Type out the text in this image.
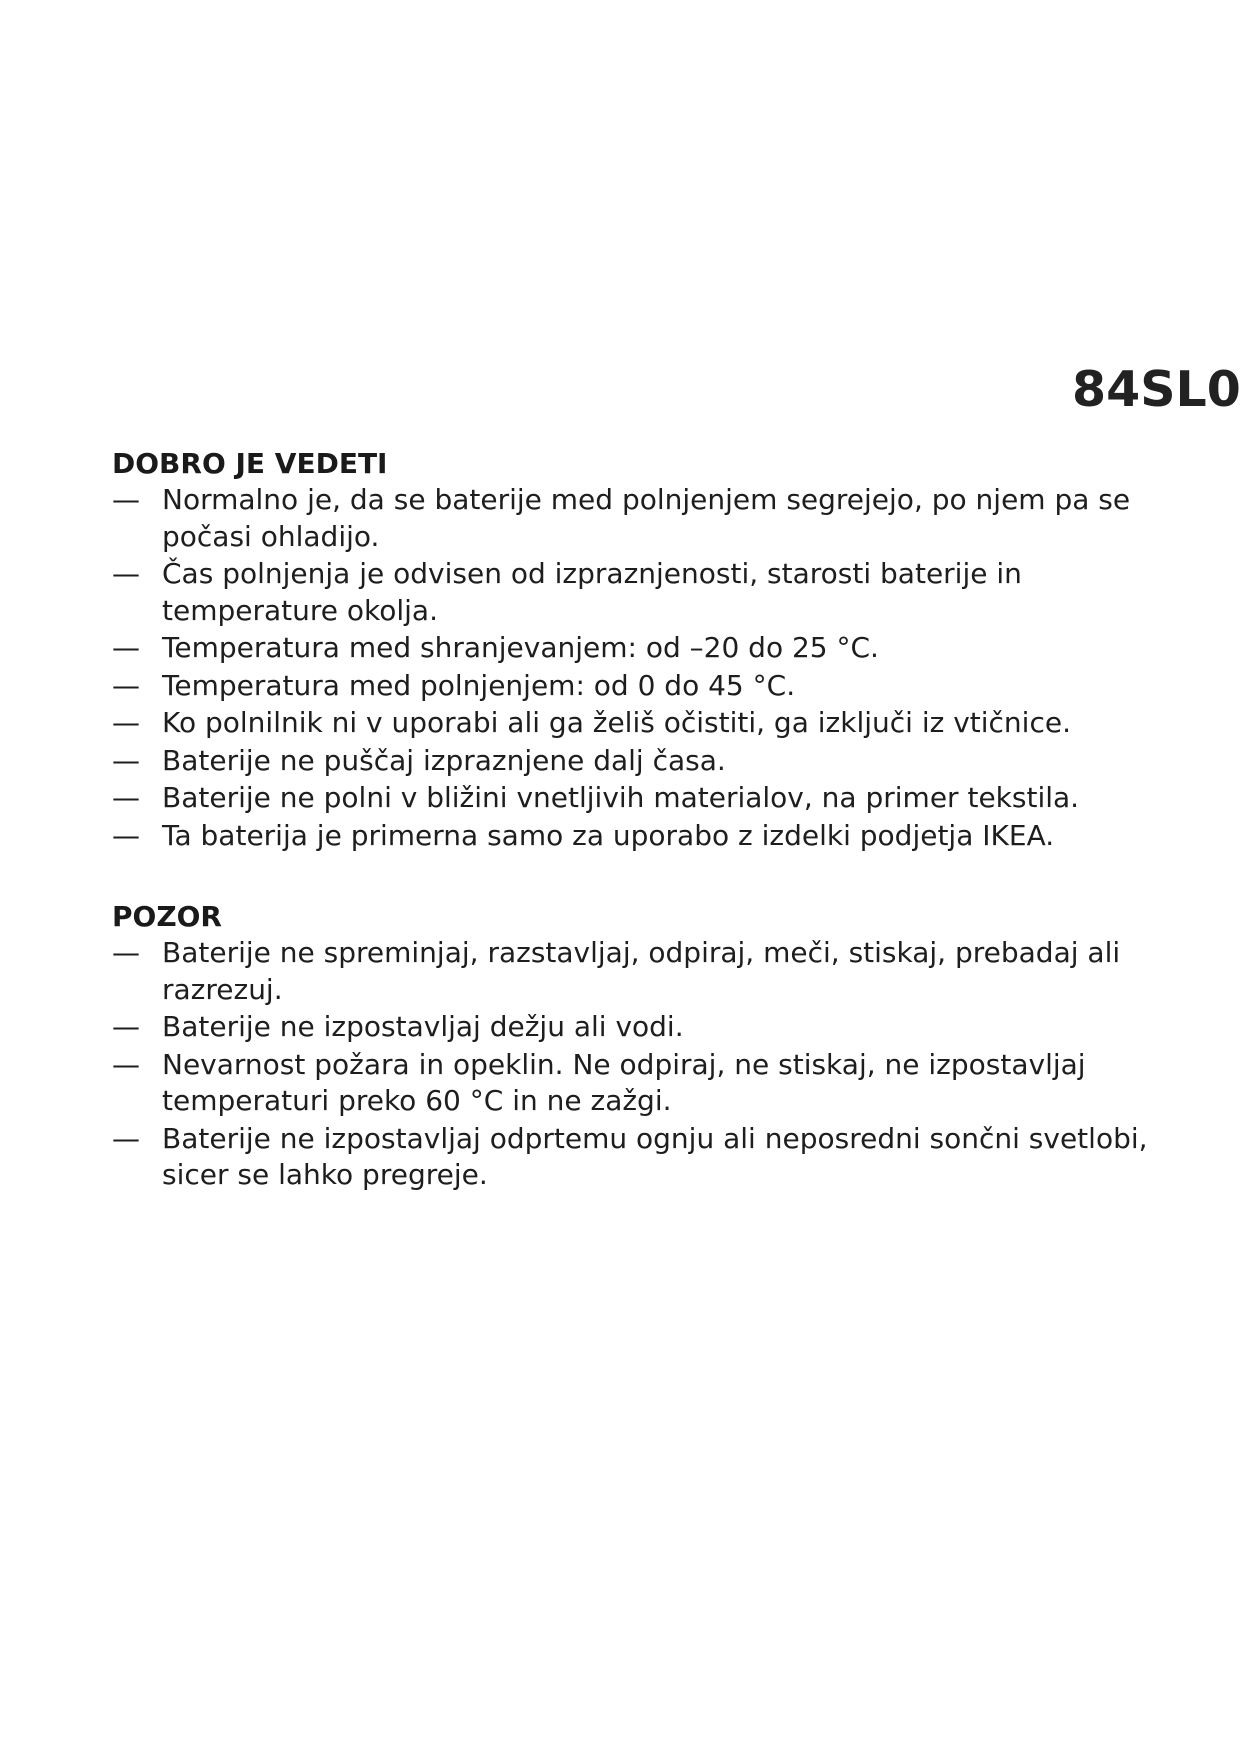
84SL0
DOBRO JE VEDETI
— Normalno je, da se baterije med polnjenjem segrejejo, po njem pa se počasi ohladijo.
— Čas polnjenja je odvisen od izpraznjenosti, starosti baterije in temperature okolja.
— Temperatura med shranjevanjem: od –20 do 25 °C.
— Temperatura med polnjenjem: od 0 do 45 °C.
— Ko polnilnik ni v uporabi ali ga želiš očistiti, ga izključi iz vtičnice.
— Baterije ne puščaj izpraznjene dalj časa.
— Baterije ne polni v bližini vnetljivih materialov, na primer tekstila.
— Ta baterija je primerna samo za uporabo z izdelki podjetja IKEA.
POZOR
— Baterije ne spreminjaj, razstavljaj, odpiraj, meči, stiskaj, prebadaj ali razrezuj.
— Baterije ne izpostavljaj dežju ali vodi.
— Nevarnost požara in opeklin. Ne odpiraj, ne stiskaj, ne izpostavljaj temperaturi preko 60 °C in ne zažgi.
— Baterije ne izpostavljaj odprtemu ognju ali neposredni sončni svetlobi, sicer se lahko pregreje.
